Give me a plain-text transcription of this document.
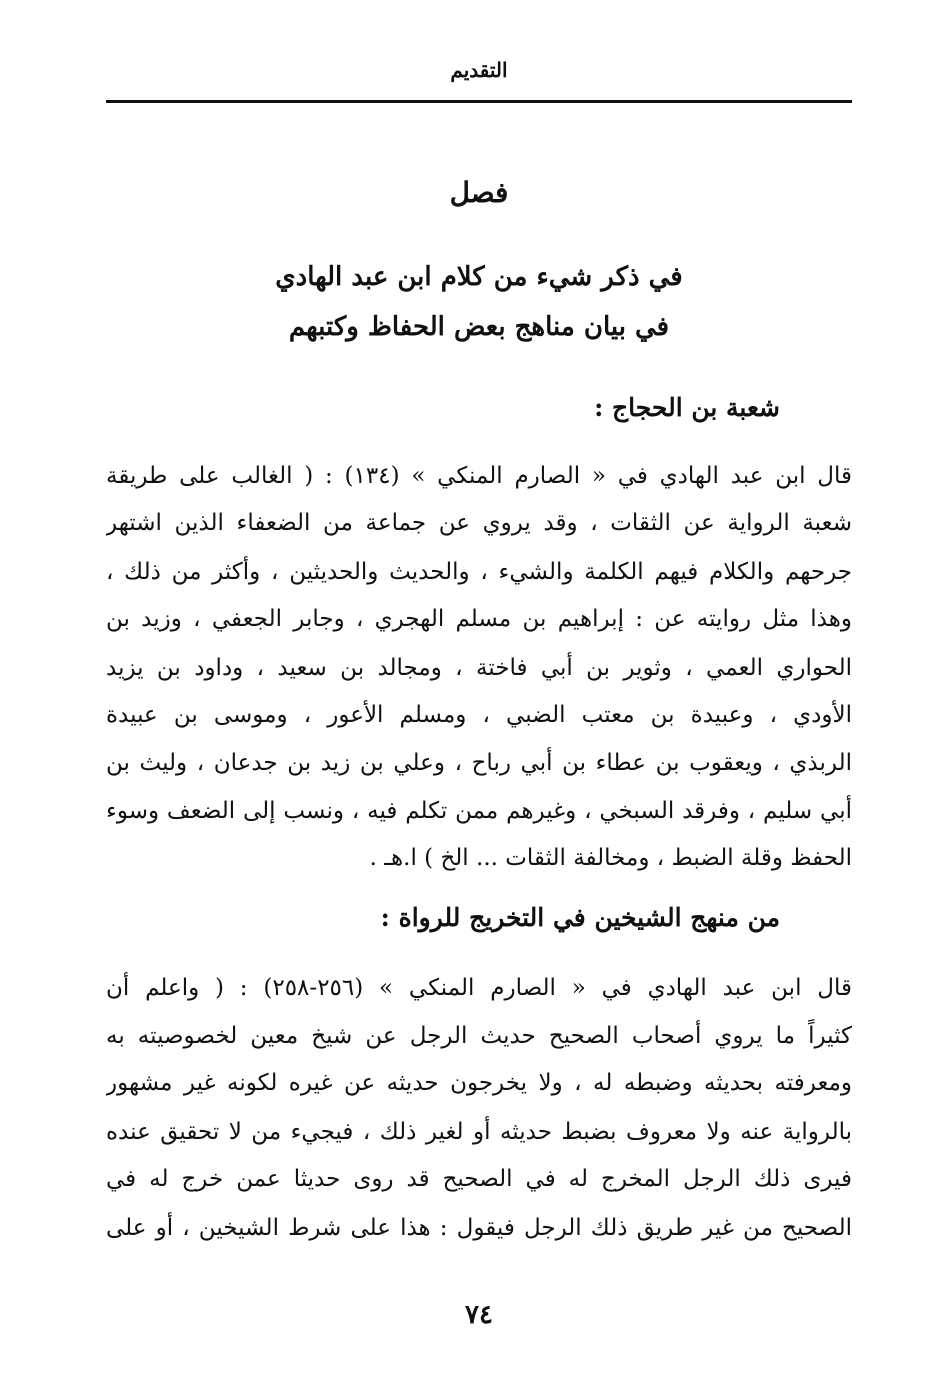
التقديم
فصل
في ذكر شيء من كلام ابن عبد الهادي
في بيان مناهج بعض الحفاظ وكتبهم
شعبة بن الحجاج :
قال ابن عبد الهادي في « الصارم المنكي » (١٣٤) : ( الغالب على طريقة
شعبة الرواية عن الثقات ، وقد يروي عن جماعة من الضعفاء الذين اشتهر
جرحهم والكلام فيهم الكلمة والشيء ، والحديث والحديثين ، وأكثر من ذلك ،
وهذا مثل روايته عن : إبراهيم بن مسلم الهجري ، وجابر الجعفي ، وزيد بن
الحواري العمي ، وثوير بن أبي فاختة ، ومجالد بن سعيد ، وداود بن يزيد
الأودي ، وعبيدة بن معتب الضبي ، ومسلم الأعور ، وموسى بن عبيدة
الربذي ، ويعقوب بن عطاء بن أبي رباح ، وعلي بن زيد بن جدعان ، وليث بن
أبي سليم ، وفرقد السبخي ، وغيرهم ممن تكلم فيه ، ونسب إلى الضعف وسوء
الحفظ وقلة الضبط ، ومخالفة الثقات ... الخ ) ا.هـ .
من منهج الشيخين في التخريج للرواة :
قال ابن عبد الهادي في « الصارم المنكي » (٢٥٦-٢٥٨) : ( واعلم أن
كثيراً ما يروي أصحاب الصحيح حديث الرجل عن شيخ معين لخصوصيته به
ومعرفته بحديثه وضبطه له ، ولا يخرجون حديثه عن غيره لكونه غير مشهور
بالرواية عنه ولا معروف بضبط حديثه أو لغير ذلك ، فيجيء من لا تحقيق عنده
فيرى ذلك الرجل المخرج له في الصحيح قد روى حديثا عمن خرج له في
الصحيح من غير طريق ذلك الرجل فيقول : هذا على شرط الشيخين ، أو على
٧٤
